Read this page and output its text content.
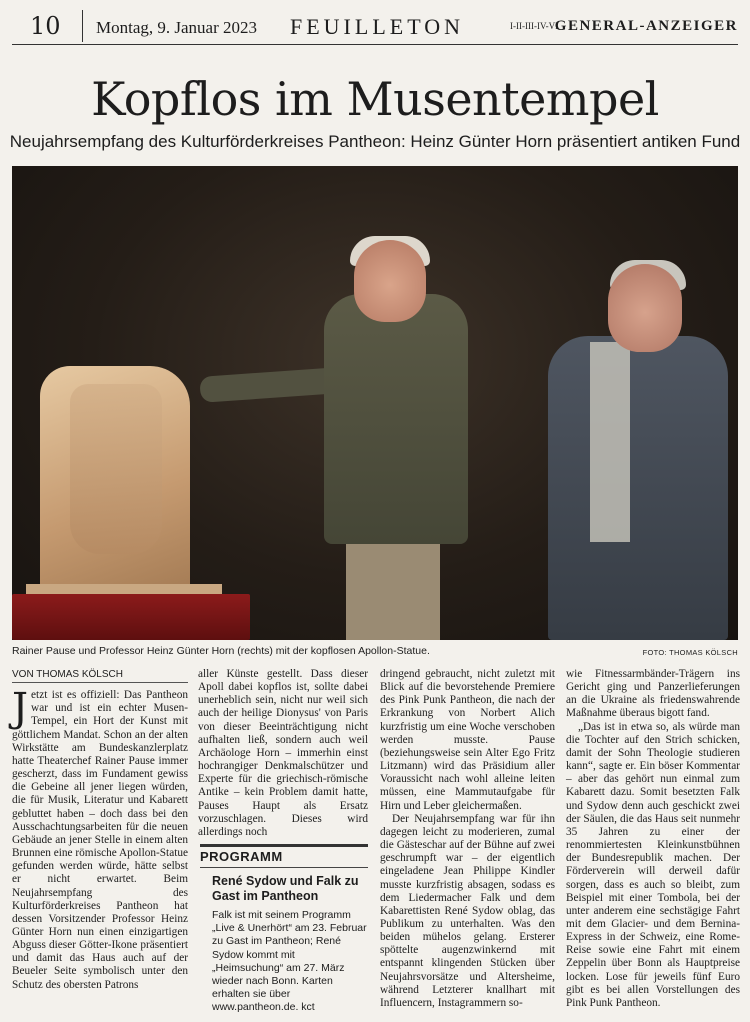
10 Montag, 9. Januar 2023 FEUILLETON	I-II-III-IV-VI
GENERAL-ANZEIGER
Kopflos im Musentempel
Neujahrsempfang des Kulturförderkreises Pantheon: Heinz Günter Horn präsentiert antiken Fund
Rainer Pause und Professor Heinz Günter Horn (rechts) mit der kopflosen Apollon-Statue.	FOTO: THOMAS KÖLSCH
VON THOMAS KÖLSCH

Jetzt ist es offiziell: Das Pantheon war und ist ein echter Musen-Tempel, ein Hort der Kunst mit göttlichem Mandat. Schon an der alten Wirkstätte am Bundeskanzlerplatz hatte Theaterchef Rainer Pause immer gescherzt, dass im Fundament gewiss die Gebeine all jener liegen würden, die für Musik, Literatur und Kabarett gebluttet haben – doch dass bei den Ausschachtungsarbeiten für die neuen Gebäude an jener Stelle in einem alten Brunnen eine römische Apollon-Statue gefunden werden würde, hätte selbst er nicht erwartet. Beim Neujahrsempfang des Kulturförderkreises Pantheon hat dessen Vorsitzender Professor Heinz Günter Horn nun einen einzigartigen Abguss dieser Götter-Ikone präsentiert und damit das Haus auch auf der Beueler Seite symbolisch unter den Schutz des obersten Patrons

aller Künste gestellt. Dass dieser Apoll dabei kopflos ist, sollte dabei unerheblich sein, nicht nur weil sich auch der heilige Dionysus' von Paris von dieser Beeinträchtigung nicht aufhalten ließ, sondern auch weil Archäologe Horn – immerhin einst hochrangiger Denkmalschützer und Experte für die griechisch-römische Antike – kein Problem damit hatte, Pauses Haupt als Ersatz vorzuschlagen. Dieses wird allerdings noch

PROGRAMM
René Sydow und Falk zu Gast im Pantheon
Falk ist mit seinem Programm „Live & Unerhört“ am 23. Februar zu Gast im Pantheon; René Sydow kommt mit „Heimsuchung“ am 27. März wieder nach Bonn. Karten erhalten sie über www.pantheon.de. kct

dringend gebraucht, nicht zuletzt mit Blick auf die bevorstehende Premiere des Pink Punk Pantheon, die nach der Erkrankung von Norbert Alich kurzfristig um eine Woche verschoben werden musste. Pause (beziehungsweise sein Alter Ego Fritz Litzmann) wird das Präsidium aller Voraussicht nach wohl alleine leiten müssen, eine Mammutaufgabe für Hirn und Leber gleichermaßen.

Der Neujahrsempfang war für ihn dagegen leicht zu moderieren, zumal die Gästeschar auf der Bühne auf zwei geschrumpft war – der eigentlich eingeladene Jean Philippe Kindler musste kurzfristig absagen, sodass es dem Liedermacher Falk und dem Kabarettisten René Sydow oblag, das Publikum zu unterhalten. Was den beiden mühelos gelang. Ersterer spöttelte augenzwinkernd mit entspannt klingenden Stücken über Neujahrsvorsätze und Altersheime, während Letzterer knallhart mit Influencern, Instagrammern so-

wie Fitnessarmbänder-Trägern ins Gericht ging und Panzerlieferungen an die Ukraine als friedenswahrende Maßnahme überaus bigott fand.

„Das ist in etwa so, als würde man die Tochter auf den Strich schicken, damit der Sohn Theologie studieren kann“, sagte er. Ein böser Kommentar – aber das gehört nun einmal zum Kabarett dazu. Somit besetzten Falk und Sydow denn auch geschickt zwei der Säulen, die das Haus seit nunmehr 35 Jahren zu einer der renommiertesten Kleinkunstbühnen der Bundesrepublik machen. Der Förderverein will derweil dafür sorgen, dass es auch so bleibt, zum Beispiel mit einer Tombola, bei der unter anderem eine sechstägige Fahrt mit dem Glacier- und dem Bernina-Express in der Schweiz, eine Rome-Reise sowie eine Fahrt mit einem Zeppelin über Bonn als Hauptpreise locken. Lose für jeweils fünf Euro gibt es bei allen Vorstellungen des Pink Punk Pantheon.
